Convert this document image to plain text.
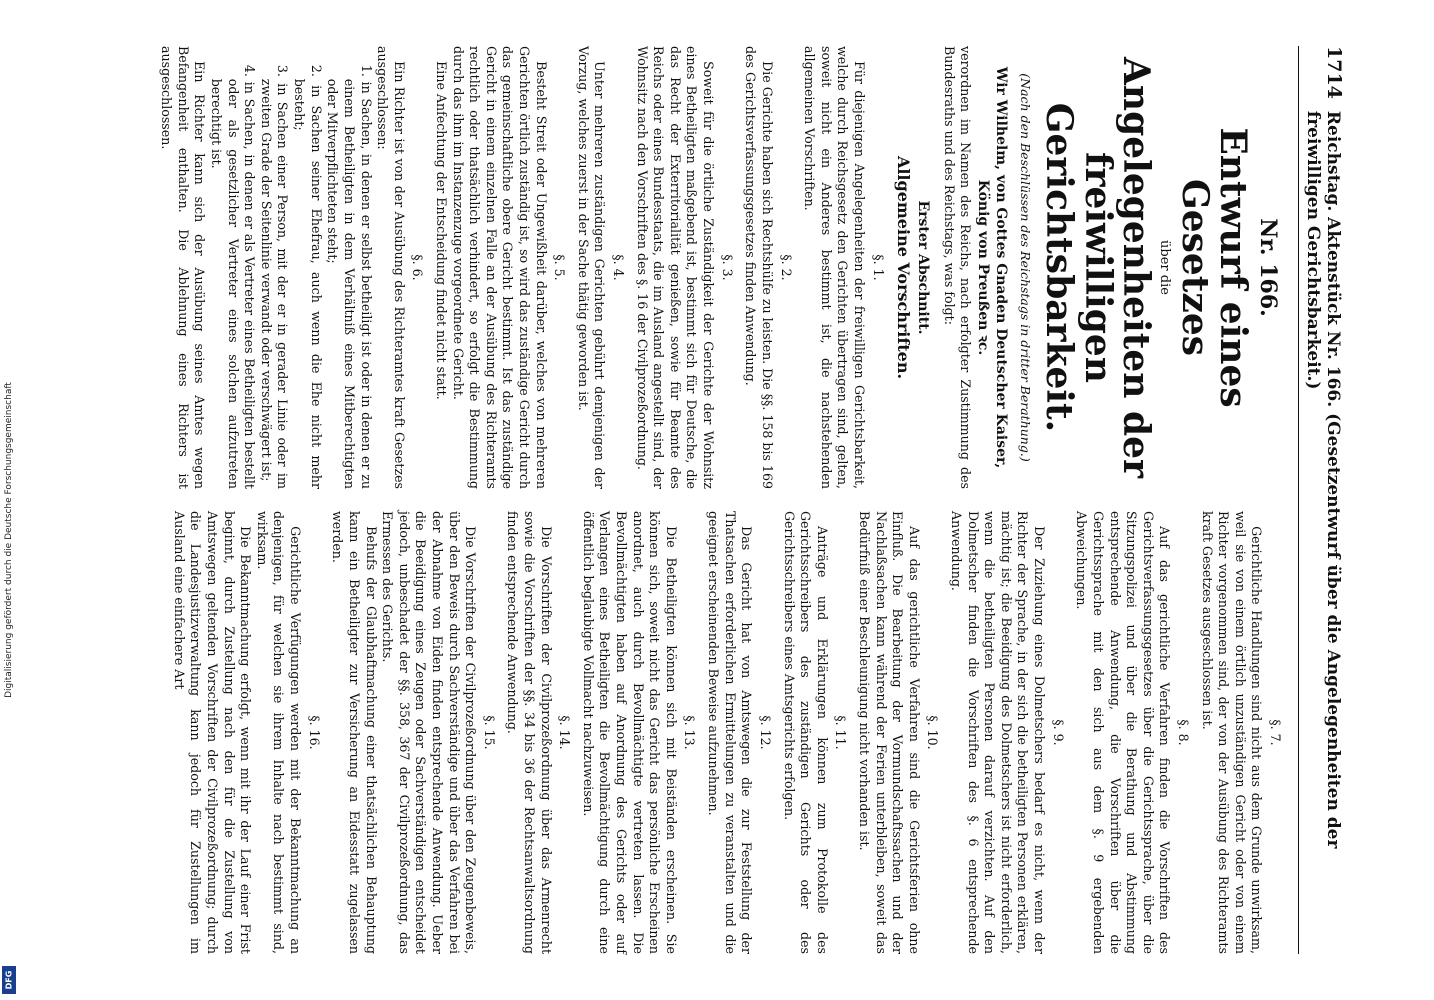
1714
Reichstag. Aktenstück Nr. 166. (Gesetzentwurf über die Angelegenheiten der freiwilligen Gerichtsbarkeit.)
Nr. 166.
Entwurf eines Gesetzes
über die
Angelegenheiten der freiwilligen
Gerichtsbarkeit.
(Nach den Beschlüssen des Reichstags in dritter Berathung.)
Wir Wilhelm, von Gottes Gnaden Deutscher Kaiser,
König von Preußen ꝛc.

verordnen im Namen des Reichs, nach erfolgter Zustimmung des Bundesraths und des Reichstags, was folgt:

Erster Abschnitt.
Allgemeine Vorschriften.
§. 1.

Für diejenigen Angelegenheiten der freiwilligen Gerichtsbarkeit, welche durch Reichsgesetz den Gerichten übertragen sind, gelten, soweit nicht ein Anderes bestimmt ist, die nachstehenden allgemeinen Vorschriften.

§. 2.

Die Gerichte haben sich Rechtshülfe zu leisten. Die §§. 158 bis 169 des Gerichtsverfassungsgesetzes finden Anwendung.

§. 3.

Soweit für die örtliche Zuständigkeit der Gerichte der Wohnsitz eines Betheiligten maßgebend ist, bestimmt sich für Deutsche, die das Recht der Exterritorialität genießen, sowie für Beamte des Reichs oder eines Bundesstaats, die im Ausland angestellt sind, der Wohnsitz nach den Vorschriften des §. 16 der Civilprozeßordnung.

§. 4.

Unter mehreren zuständigen Gerichten gebührt demjenigen der Vorzug, welches zuerst in der Sache thätig geworden ist.

§. 5.

Besteht Streit oder Ungewißheit darüber, welches von mehreren Gerichten örtlich zuständig ist, so wird das zuständige Gericht durch das gemeinschaftliche obere Gericht bestimmt. Ist das zuständige Gericht in einem einzelnen Falle an der Ausübung des Richteramts rechtlich oder thatsächlich verhindert, so erfolgt die Bestimmung durch das ihm im Instanzenzuge vorgeordnete Gericht.

Eine Anfechtung der Entscheidung findet nicht statt.

§. 6.

Ein Richter ist von der Ausübung des Richteramtes kraft Gesetzes ausgeschlossen:

1. in Sachen, in denen er selbst betheiligt ist oder in denen er zu einem Betheiligten in dem Verhältniß eines Mitberechtigten oder Mitverpflichteten steht;
2. in Sachen seiner Ehefrau, auch wenn die Ehe nicht mehr besteht;
3. in Sachen einer Person, mit der er in gerader Linie oder im zweiten Grade der Seitenlinie verwandt oder verschwägert ist;
4. in Sachen, in denen er als Vertreter eines Betheiligten bestellt oder als gesetzlicher Vertreter eines solchen aufzutreten berechtigt ist.

Ein Richter kann sich der Ausübung seines Amtes wegen Befangenheit enthalten. Die Ablehnung eines Richters ist ausgeschlossen.

§. 7.

Gerichtliche Handlungen sind nicht aus dem Grunde unwirksam, weil sie von einem örtlich unzuständigen Gericht oder von einem Richter vorgenommen sind, der von der Ausübung des Richteramts kraft Gesetzes ausgeschlossen ist.

§. 8.

Auf das gerichtliche Verfahren finden die Vorschriften des Gerichtsverfassungsgesetzes über die Gerichtssprache, über die Sitzungspolizei und über die Berathung und Abstimmung entsprechende Anwendung, die Vorschriften über die Gerichtssprache mit den sich aus dem §. 9 ergebenden Abweichungen.

§. 9.

Der Zuziehung eines Dolmetschers bedarf es nicht, wenn der Richter der Sprache, in der sich die betheiligten Personen erklären, mächtig ist; die Beeidigung des Dolmetschers ist nicht erforderlich, wenn die betheiligten Personen darauf verzichten. Auf den Dolmetscher finden die Vorschriften des §. 6 entsprechende Anwendung.

§. 10.

Auf das gerichtliche Verfahren sind die Gerichtsferien ohne Einfluß. Die Bearbeitung der Vormundschaftssachen und der Nachlaßsachen kann während der Ferien unterbleiben, soweit das Bedürfniß einer Beschleunigung nicht vorhanden ist.

§. 11.

Anträge und Erklärungen können zum Protokolle des Gerichtsschreibers des zuständigen Gerichts oder des Gerichtsschreibers eines Amtsgerichts erfolgen.

§. 12.

Das Gericht hat von Amtswegen die zur Feststellung der Thatsachen erforderlichen Ermittelungen zu veranstalten und die geeignet erscheinenden Beweise aufzunehmen.

§. 13.

Die Betheiligten können sich mit Beiständen erscheinen. Sie können sich, soweit nicht das Gericht das persönliche Erscheinen anordnet, auch durch Bevollmächtigte vertreten lassen. Die Bevollmächtigten haben auf Anordnung des Gerichts oder auf Verlangen eines Betheiligten die Bevollmächtigung durch eine öffentlich beglaubigte Vollmacht nachzuweisen.

§. 14.

Die Vorschriften der Civilprozeßordnung über das Armenrecht sowie die Vorschriften der §§. 34 bis 36 der Rechtsanwaltsordnung finden entsprechende Anwendung.

§. 15.

Die Vorschriften der Civilprozeßordnung über den Zeugenbeweis, über den Beweis durch Sachverständige und über das Verfahren bei der Abnahme von Eiden finden entsprechende Anwendung. Ueber die Beeidigung eines Zeugen oder Sachverständigen entscheidet jedoch, unbeschadet der §§. 358, 367 der Civilprozeßordnung, das Ermessen des Gerichts.

Behufs der Glaubhaftmachung einer thatsächlichen Behauptung kann ein Betheiligter zur Versicherung an Eidesstatt zugelassen werden.

§. 16.

Gerichtliche Verfügungen werden mit der Bekanntmachung an denjenigen, für welchen sie ihrem Inhalte nach bestimmt sind, wirksam.

Die Bekanntmachung erfolgt, wenn mit ihr der Lauf einer Frist beginnt, durch Zustellung nach den für die Zustellung von Amtswegen geltenden Vorschriften der Civilprozeßordnung; durch die Landesjustizverwaltung kann jedoch für Zustellungen im Ausland eine einfachere Art

Digitalisierung gefördert durch die Deutsche Forschungsgemeinschaft
DFG
